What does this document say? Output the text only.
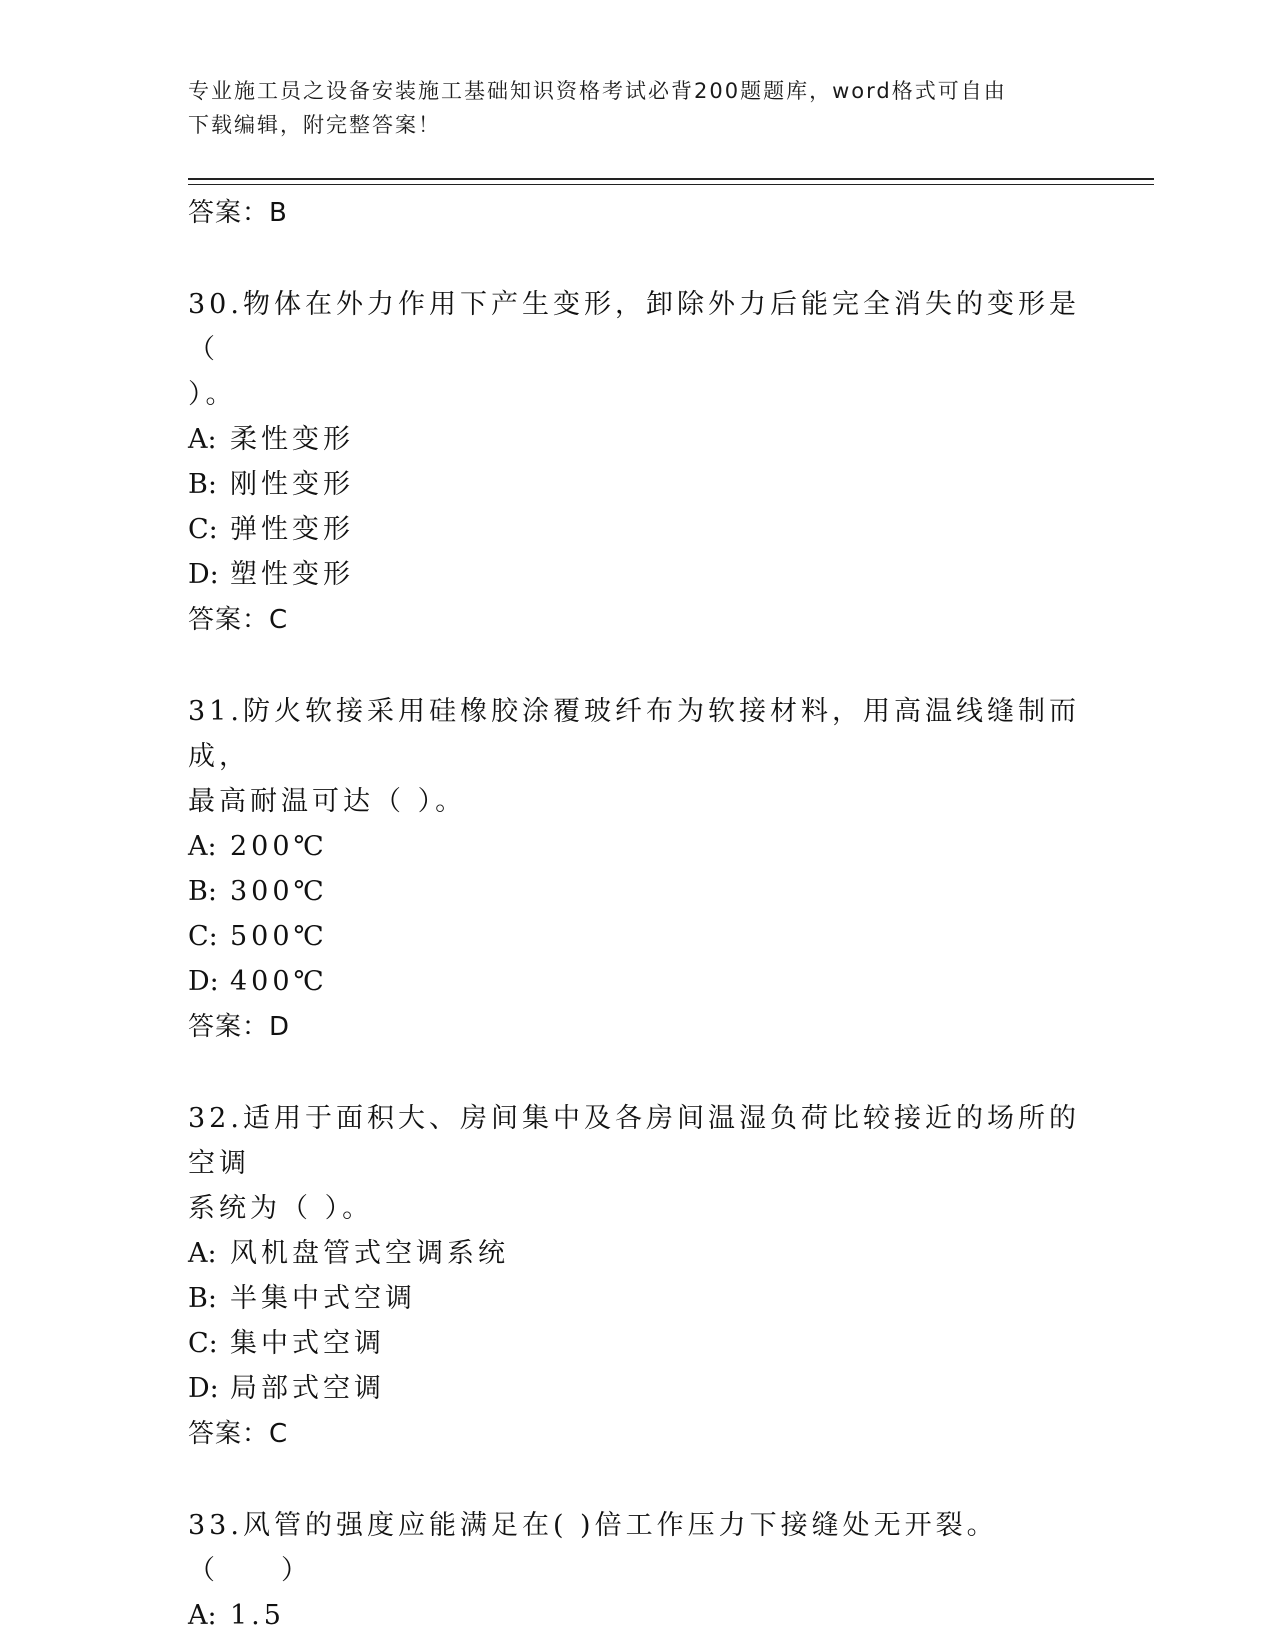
专业施工员之设备安装施工基础知识资格考试必背200题题库，word格式可自由
下载编辑，附完整答案！
答案：B
30.物体在外力作用下产生变形，卸除外力后能完全消失的变形是（
）。
A: 柔性变形
B: 刚性变形
C: 弹性变形
D: 塑性变形
答案：C
31.防火软接采用硅橡胶涂覆玻纤布为软接材料，用高温线缝制而成，
最高耐温可达（ ）。
A: 200℃
B: 300℃
C: 500℃
D: 400℃
答案：D
32.适用于面积大、房间集中及各房间温湿负荷比较接近的场所的空调
系统为（ ）。
A: 风机盘管式空调系统
B: 半集中式空调
C: 集中式空调
D: 局部式空调
答案：C
33.风管的强度应能满足在( )倍工作压力下接缝处无开裂。（　　）
A: 1.5
